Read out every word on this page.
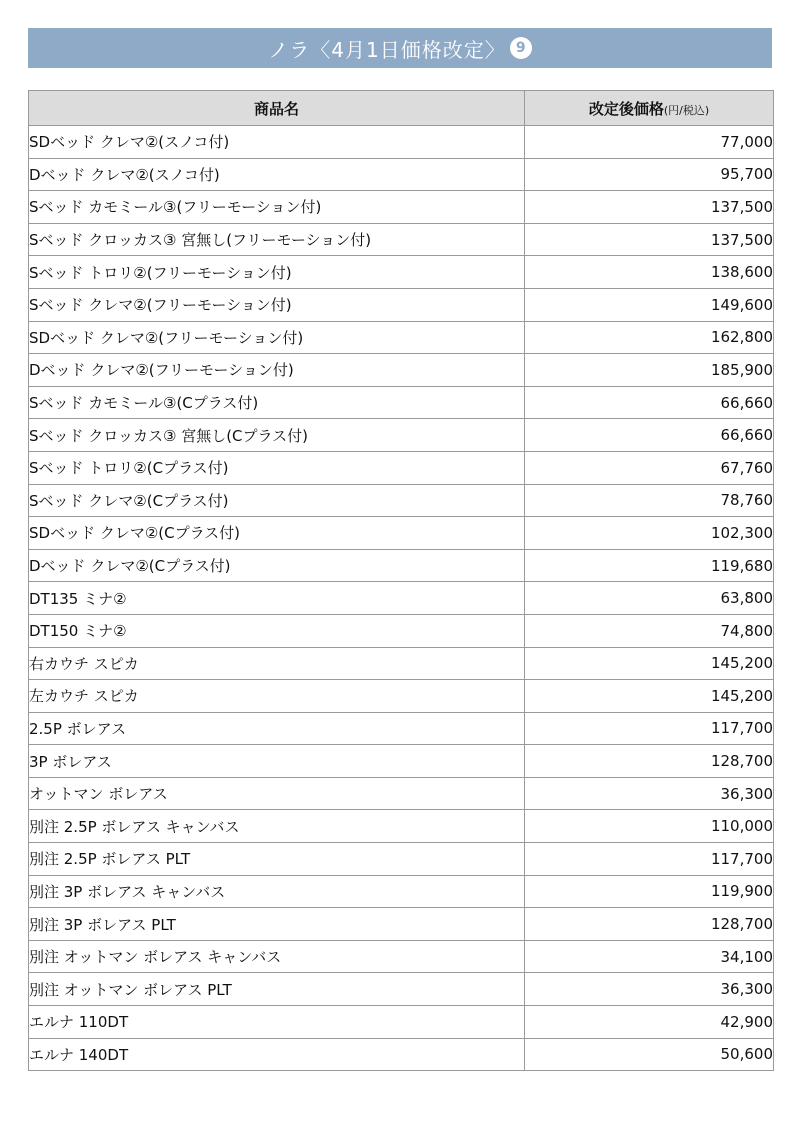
ノラ〈4月1日価格改定〉 9
商品名	改定後価格(円/税込)
SDベッド クレマ②(スノコ付)	77,000
Dベッド クレマ②(スノコ付)	95,700
Sベッド カモミール③(フリーモーション付)	137,500
Sベッド クロッカス③ 宮無し(フリーモーション付)	137,500
Sベッド トロリ②(フリーモーション付)	138,600
Sベッド クレマ②(フリーモーション付)	149,600
SDベッド クレマ②(フリーモーション付)	162,800
Dベッド クレマ②(フリーモーション付)	185,900
Sベッド カモミール③(Cプラス付)	66,660
Sベッド クロッカス③ 宮無し(Cプラス付)	66,660
Sベッド トロリ②(Cプラス付)	67,760
Sベッド クレマ②(Cプラス付)	78,760
SDベッド クレマ②(Cプラス付)	102,300
Dベッド クレマ②(Cプラス付)	119,680
DT135 ミナ②	63,800
DT150 ミナ②	74,800
右カウチ スピカ	145,200
左カウチ スピカ	145,200
2.5P ボレアス	117,700
3P ボレアス	128,700
オットマン ボレアス	36,300
別注 2.5P ボレアス キャンバス	110,000
別注 2.5P ボレアス PLT	117,700
別注 3P ボレアス キャンバス	119,900
別注 3P ボレアス PLT	128,700
別注 オットマン ボレアス キャンバス	34,100
別注 オットマン ボレアス PLT	36,300
エルナ 110DT	42,900
エルナ 140DT	50,600
